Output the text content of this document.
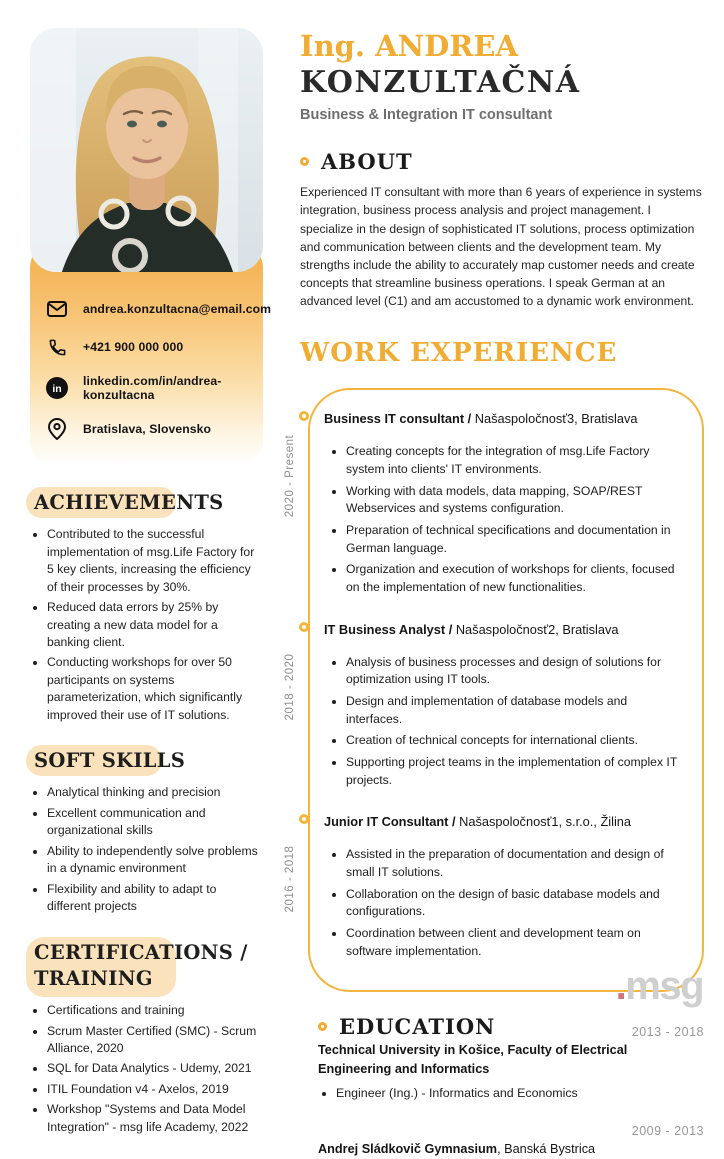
andrea.konzultacna@email.com
+421 900 000 000
in
linkedin.com/in/andrea-konzultacna
Bratislava, Slovensko
ACHIEVEMENTS
• Contributed to the successful implementation of msg.Life Factory for 5 key clients, increasing the efficiency of their processes by 30%.
• Reduced data errors by 25% by creating a new data model for a banking client.
• Conducting workshops for over 50 participants on systems parameterization, which significantly improved their use of IT solutions.
SOFT SKILLS
• Analytical thinking and precision
• Excellent communication and organizational skills
• Ability to independently solve problems in a dynamic environment
• Flexibility and ability to adapt to different projects
CERTIFICATIONS / TRAINING
• Certifications and training
• Scrum Master Certified (SMC) - Scrum Alliance, 2020
• SQL for Data Analytics - Udemy, 2021
• ITIL Foundation v4 - Axelos, 2019
• Workshop "Systems and Data Model Integration" - msg life Academy, 2022
Ing. ANDREA
KONZULTAČNÁ
Business & Integration IT consultant
ABOUT

Experienced IT consultant with more than 6 years of experience in systems integration, business process analysis and project management. I specialize in the design of sophisticated IT solutions, process optimization and communication between clients and the development team. My strengths include the ability to accurately map customer needs and create concepts that streamline business operations. I speak German at an advanced level (C1) and am accustomed to a dynamic work environment.

WORK EXPERIENCE
2020 - Present

Business IT consultant / Našaspoločnosť3, Bratislava

• Creating concepts for the integration of msg.Life Factory system into clients' IT environments.
• Working with data models, data mapping, SOAP/REST Webservices and systems configuration.
• Preparation of technical specifications and documentation in German language.
• Organization and execution of workshops for clients, focused on the implementation of new functionalities.
2018 - 2020

IT Business Analyst / Našaspoločnosť2, Bratislava

• Analysis of business processes and design of solutions for optimization using IT tools.
• Design and implementation of database models and interfaces.
• Creation of technical concepts for international clients.
• Supporting project teams in the implementation of complex IT projects.
2016 - 2018

Junior IT Consultant / Našaspoločnosť1, s.r.o., Žilina

• Assisted in the preparation of documentation and design of small IT solutions.
• Collaboration on the design of basic database models and configurations.
• Coordination between client and development team on software implementation.
EDUCATION	2013 - 2018
Technical University in Košice, Faculty of Electrical Engineering and Informatics
• Engineer (Ing.) - Informatics and Economics
2009 - 2013
Andrej Sládkovič Gymnasium, Banská Bystrica
.msg
